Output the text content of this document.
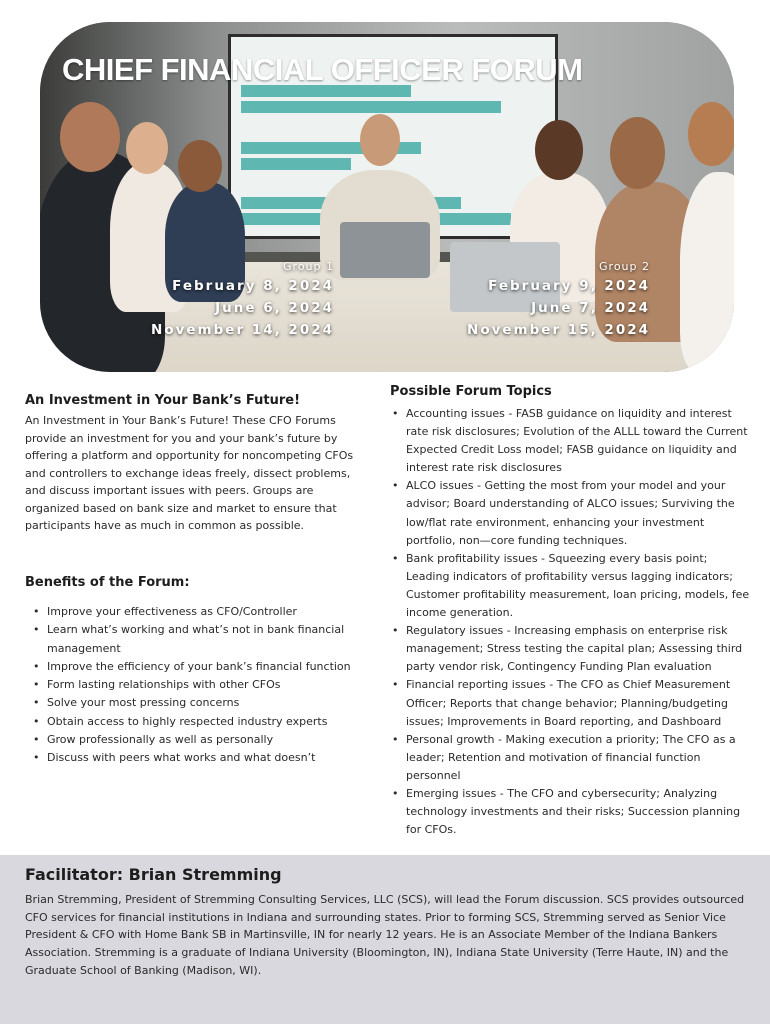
CHIEF FINANCIAL OFFICER FORUM
Group 1
February 8, 2024
June 6, 2024
November 14, 2024
Group 2
February 9, 2024
June 7, 2024
November 15, 2024
An Investment in Your Bank’s Future!

An Investment in Your Bank’s Future! These CFO Forums provide an investment for you and your bank’s future by offering a platform and opportunity for noncompeting CFOs and controllers to exchange ideas freely, dissect problems, and discuss important issues with peers. Groups are organized based on bank size and market to ensure that participants have as much in common as possible.

Benefits of the Forum:
• Improve your effectiveness as CFO/Controller
• Learn what’s working and what’s not in bank financial management
• Improve the efficiency of your bank’s financial function
• Form lasting relationships with other CFOs
• Solve your most pressing concerns
• Obtain access to highly respected industry experts
• Grow professionally as well as personally
• Discuss with peers what works and what doesn’t
Possible Forum Topics
• Accounting issues - FASB guidance on liquidity and interest rate risk disclosures; Evolution of the ALLL toward the Current Expected Credit Loss model; FASB guidance on liquidity and interest rate risk disclosures
• ALCO issues - Getting the most from your model and your advisor; Board understanding of ALCO issues; Surviving the low/flat rate environment, enhancing your investment portfolio, non—core funding techniques.
• Bank profitability issues - Squeezing every basis point; Leading indicators of profitability versus lagging indicators; Customer profitability measurement, loan pricing, models, fee income generation.
• Regulatory issues - Increasing emphasis on enterprise risk management; Stress testing the capital plan; Assessing third party vendor risk, Contingency Funding Plan evaluation
• Financial reporting issues - The CFO as Chief Measurement Officer; Reports that change behavior; Planning/budgeting issues; Improvements in Board reporting, and Dashboard
• Personal growth - Making execution a priority; The CFO as a leader; Retention and motivation of financial function personnel
• Emerging issues - The CFO and cybersecurity; Analyzing technology investments and their risks; Succession planning for CFOs.
Facilitator: Brian Stremming

Brian Stremming, President of Stremming Consulting Services, LLC (SCS), will lead the Forum discussion. SCS provides outsourced CFO services for financial institutions in Indiana and surrounding states. Prior to forming SCS, Stremming served as Senior Vice President & CFO with Home Bank SB in Martinsville, IN for nearly 12 years. He is an Associate Member of the Indiana Bankers Association. Stremming is a graduate of Indiana University (Bloomington, IN), Indiana State University (Terre Haute, IN) and the Graduate School of Banking (Madison, WI).
